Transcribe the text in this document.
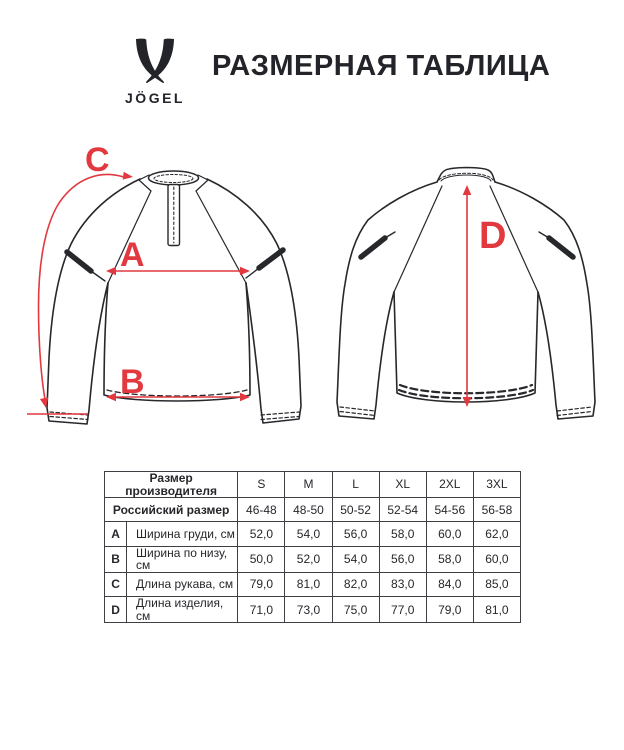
JÖGEL
РАЗМЕРНАЯ ТАБЛИЦА
A
B
C
D
Размер производителя		S	M	L	XL	2XL	3XL
Российский размер		46-48	48-50	50-52	52-54	54-56	56-58
A	Ширина груди, см	52,0	54,0	56,0	58,0	60,0	62,0
B	Ширина по низу, см	50,0	52,0	54,0	56,0	58,0	60,0
C	Длина рукава, см	79,0	81,0	82,0	83,0	84,0	85,0
D	Длина изделия, см	71,0	73,0	75,0	77,0	79,0	81,0
